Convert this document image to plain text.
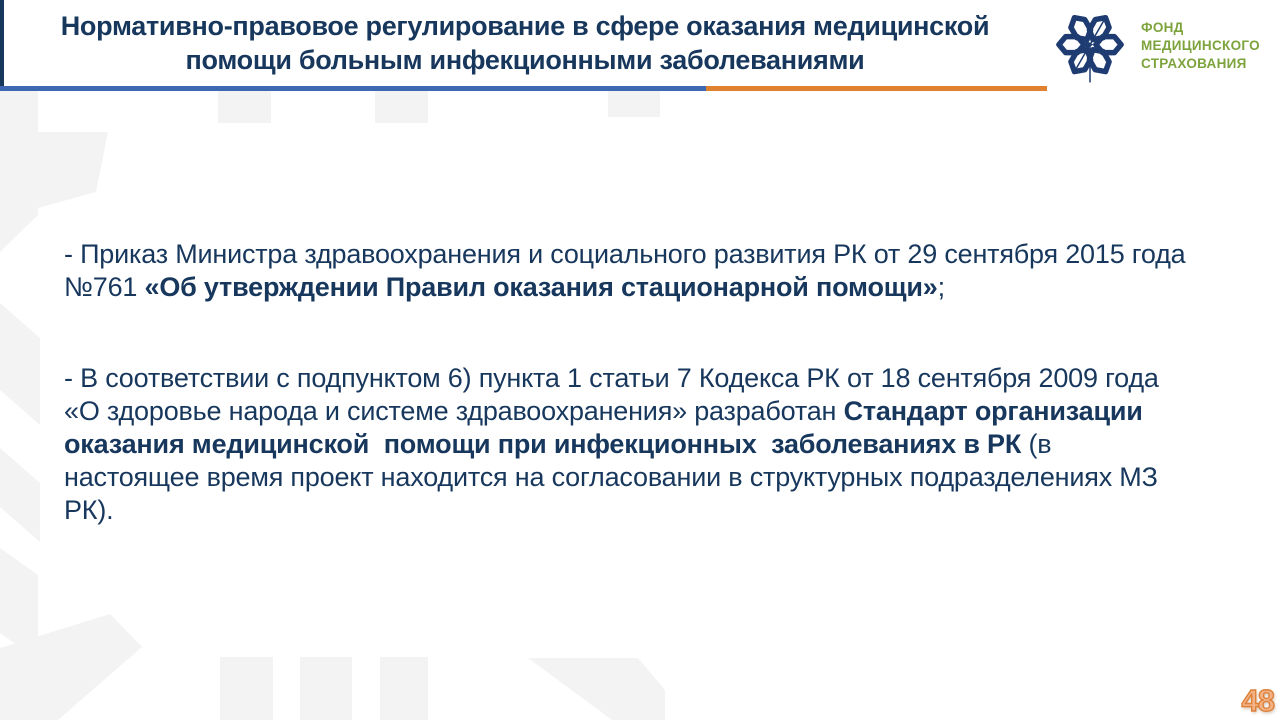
Нормативно-правовое регулирование в сфере оказания медицинской
помощи больным инфекционными заболеваниями
ФОНД
МЕДИЦИНСКОГО
СТРАХОВАНИЯ
- Приказ Министра здравоохранения и социального развития РК от 29 сентября 2015 года №761 «Об утверждении Правил оказания стационарной помощи»;
- В соответствии с подпунктом 6) пункта 1 статьи 7 Кодекса РК от 18 сентября 2009 года «О здоровье народа и системе здравоохранения» разработан Стандарт организации оказания медицинской  помощи при инфекционных  заболеваниях в РК (в настоящее время проект находится на согласовании в структурных подразделениях МЗ РК).
48
